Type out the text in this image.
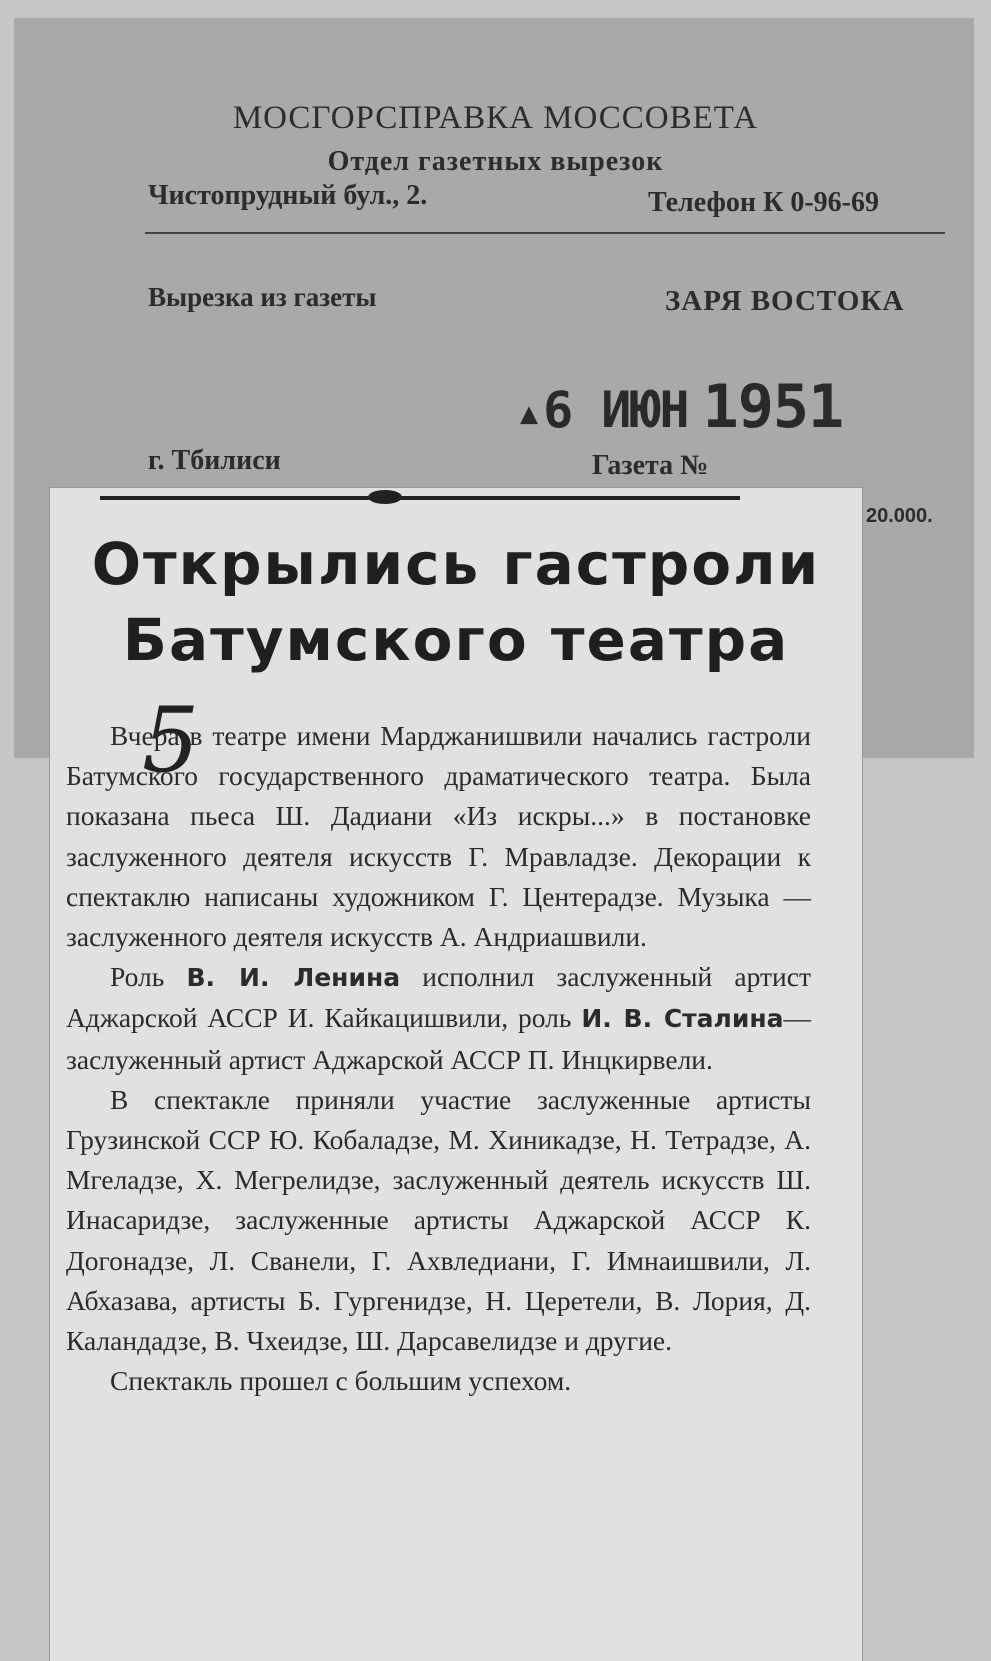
МОСГОРСПРАВКА МОССОВЕТА
Отдел газетных вырезок
Чистопрудный бул., 2.	Телефон К 0-96-69
Вырезка из газеты	ЗАРЯ ВОСТОКА
▲ 6 ИЮН 1951
г. Тбилиси	Газета №
20.000.
Открылись гастроли
Батумского театра
5

Вчера в театре имени Марджанишвили начались гастроли Батумского государственного драматического театра. Была показана пьеса Ш. Дадиани «Из искры...» в постановке заслуженного деятеля искусств Г. Мравладзе. Декорации к спектаклю написаны художником Г. Центерадзе. Музыка —заслуженного деятеля искусств А. Андриашвили.

Роль В. И. Ленина исполнил заслуженный артист Аджарской АССР И. Кайкацишвили, роль И. В. Сталина—заслуженный артист Аджарской АССР П. Инцкирвели.

В спектакле приняли участие заслуженные артисты Грузинской ССР Ю. Кобаладзе, М. Хиникадзе, Н. Тетрадзе, А. Мгеладзе, Х. Мегрелидзе, заслуженный деятель искусств Ш. Инасаридзе, заслуженные артисты Аджарской АССР К. Догонадзе, Л. Сванели, Г. Ахвледиани, Г. Имнаишвили, Л. Абхазава, артисты Б. Гургенидзе, Н. Церетели, В. Лория, Д. Каландадзе, В. Чхеидзе, Ш. Дарсавелидзе и другие.

Спектакль прошел с большим успехом.
